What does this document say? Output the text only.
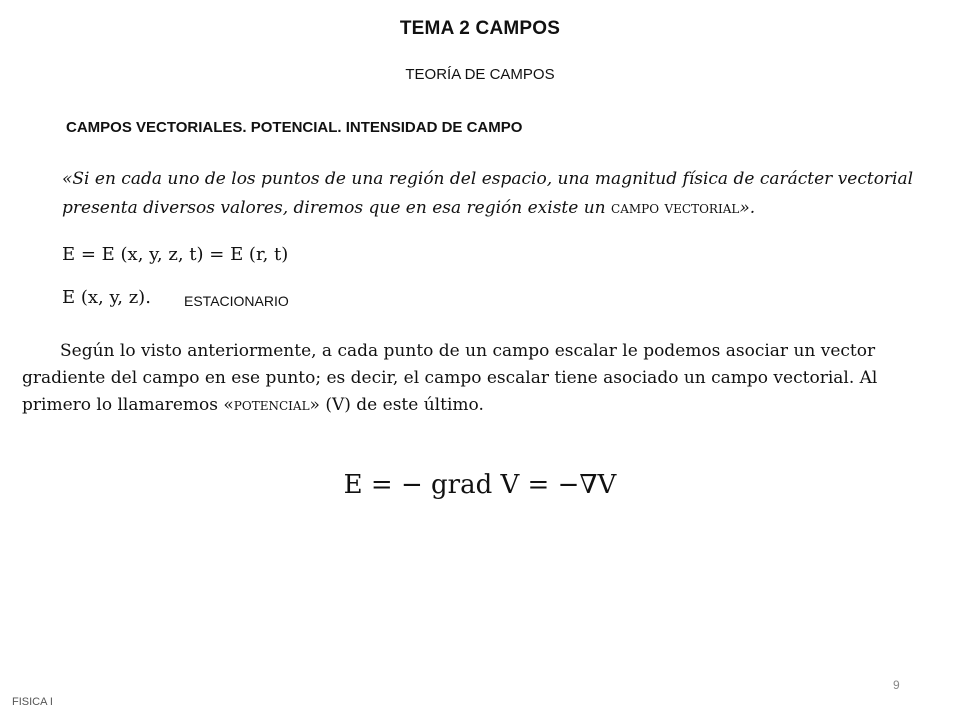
TEMA 2 CAMPOS
TEORÍA DE CAMPOS
CAMPOS VECTORIALES. POTENCIAL. INTENSIDAD DE CAMPO
«Si en cada uno de los puntos de una región del espacio, una magnitud física de carácter vectorial presenta diversos valores, diremos que en esa región existe un campo vectorial».
E = E (x, y, z, t) = E (r, t)
E (x, y, z). ESTACIONARIO
Según lo visto anteriormente, a cada punto de un campo escalar le podemos asociar un vector gradiente del campo en ese punto; es decir, el campo escalar tiene asociado un campo vectorial. Al primero lo llamaremos «potencial» (V) de este último.
E = − grad V = −∇V
9
FISICA I
